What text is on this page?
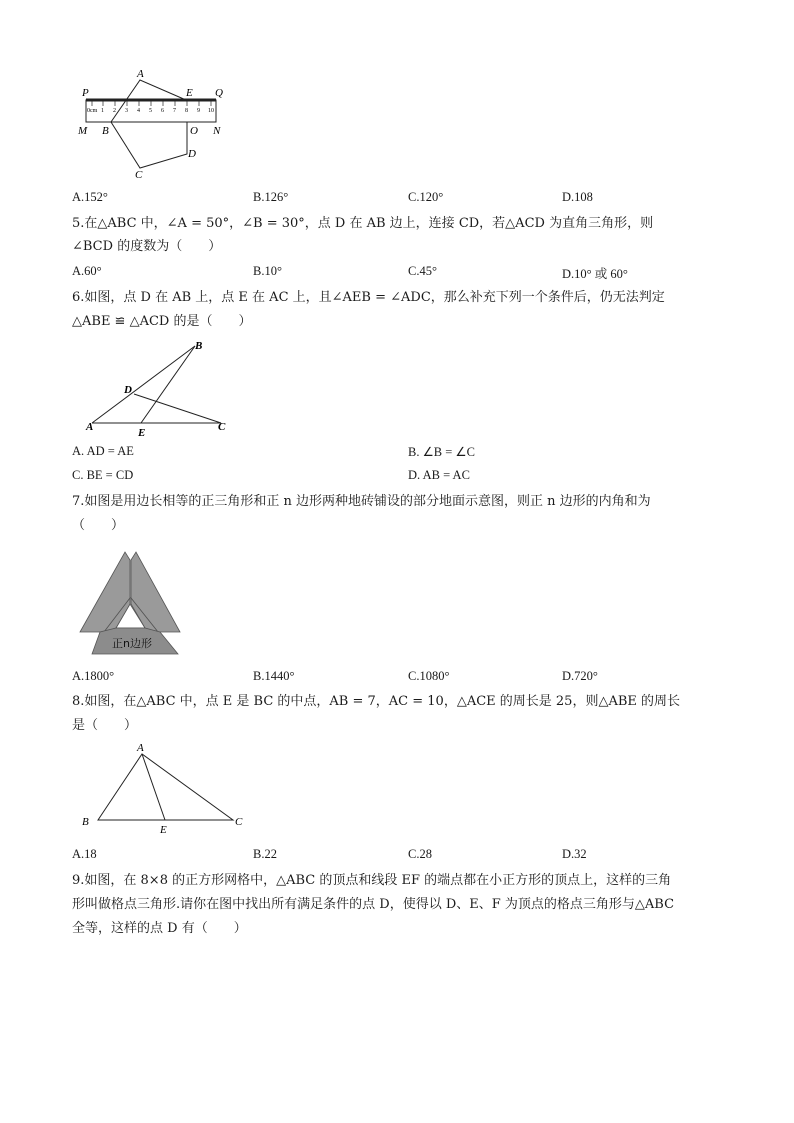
0cm 1 2 3 4 5 6 7 8 9 10
P
A
E Q
M B	O N
C
D
A.152°	B.126°	C.120°	D.108
5.在△ABC 中，∠A = 50°，∠B = 30°，点 D 在 AB 边上，连接 CD，若△ACD 为直角三角形，则
∠BCD 的度数为（　　）
A.60°	B.10°	C.45°	D.10° 或 60°
6.如图，点 D 在 AB 上，点 E 在 AC 上，且∠AEB = ∠ADC，那么补充下列一个条件后，仍无法判定
△ABE ≌ △ACD 的是（　　）
B
D
A	E	C
A. AD = AE	B. ∠B = ∠C
C. BE = CD	D. AB = AC
7.如图是用边长相等的正三角形和正 n 边形两种地砖铺设的部分地面示意图，则正 n 边形的内角和为
（　　）
正n边形
A.1800°	B.1440°	C.1080°	D.720°
8.如图，在△ABC 中，点 E 是 BC 的中点，AB = 7，AC = 10，△ACE 的周长是 25，则△ABE 的周长
是（　　）
A
B
E
C
A.18	B.22	C.28	D.32
9.如图，在 8×8 的正方形网格中，△ABC 的顶点和线段 EF 的端点都在小正方形的顶点上，这样的三角
形叫做格点三角形.请你在图中找出所有满足条件的点 D，使得以 D、E、F 为顶点的格点三角形与△ABC
全等，这样的点 D 有（　　）
